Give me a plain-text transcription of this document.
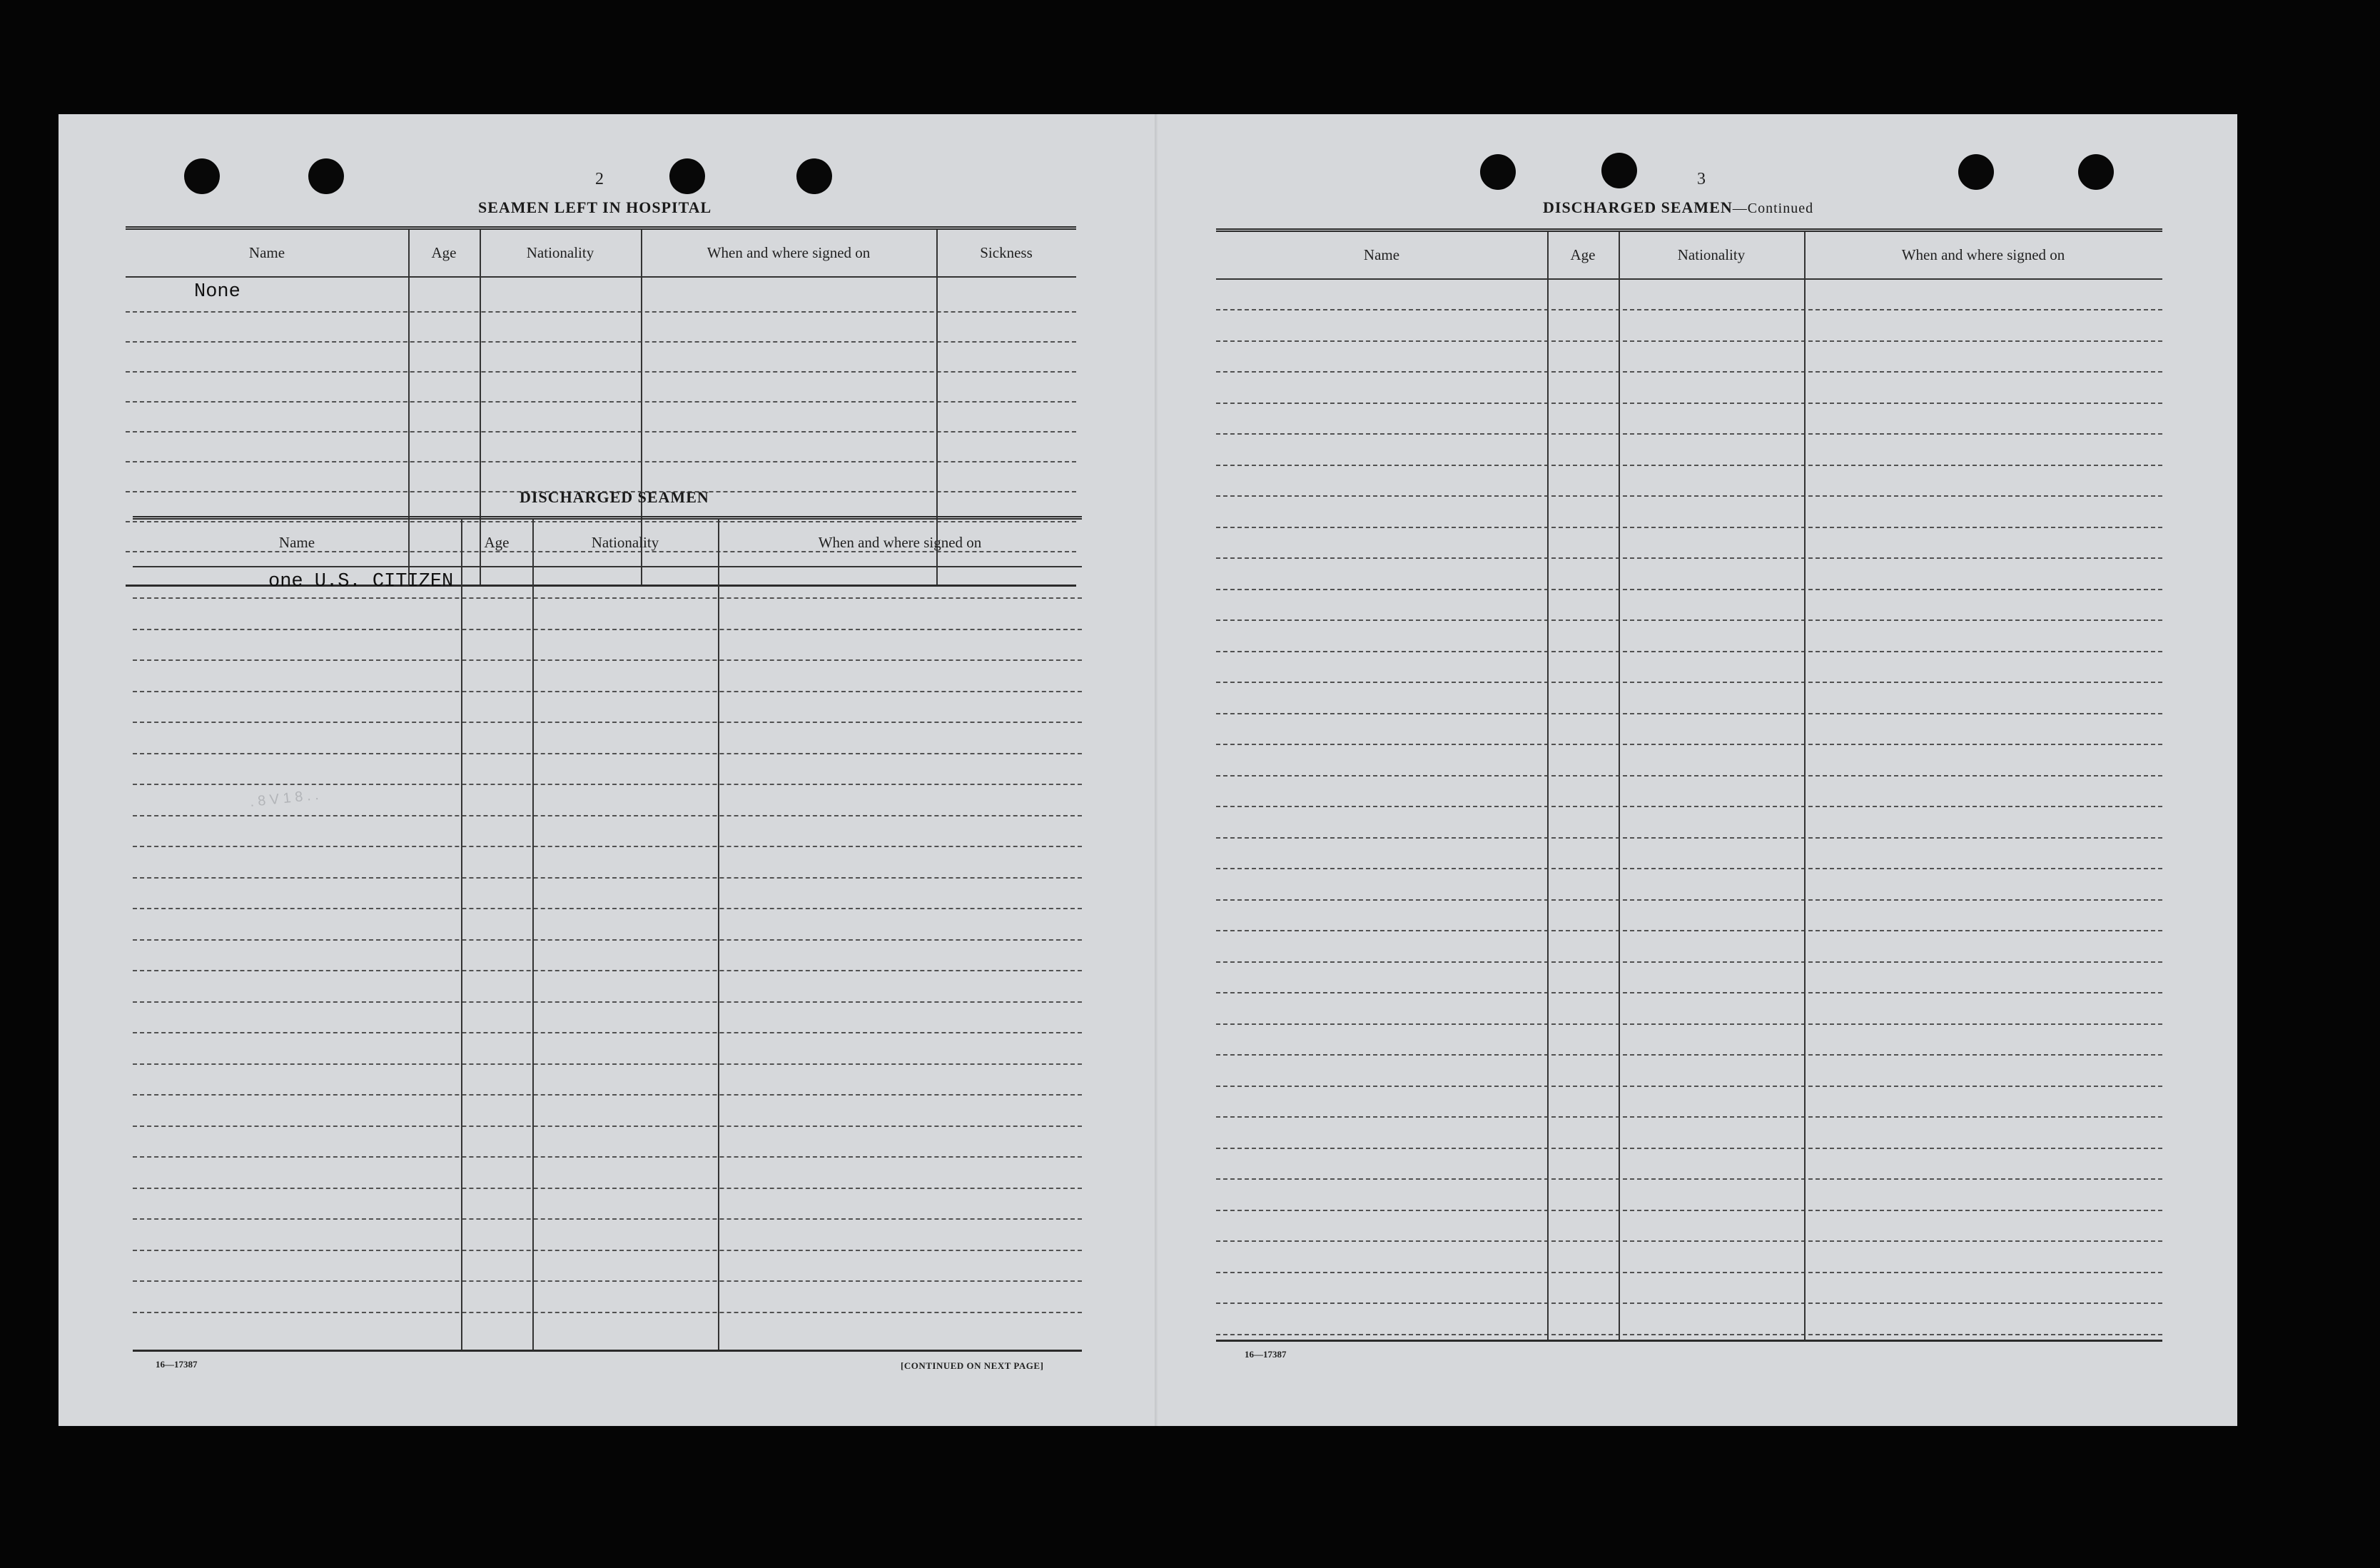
2
SEAMEN LEFT IN HOSPITAL
Name	Age	Nationality	When and where signed on	Sickness
None
DISCHARGED SEAMEN
Name	Age	Nationality	When and where signed on
one U.S. CITIZEN
. 8 V 1 8 . .
16—17387	[CONTINUED ON NEXT PAGE]
3
DISCHARGED SEAMEN—Continued
Name	Age	Nationality	When and where signed on
16—17387
